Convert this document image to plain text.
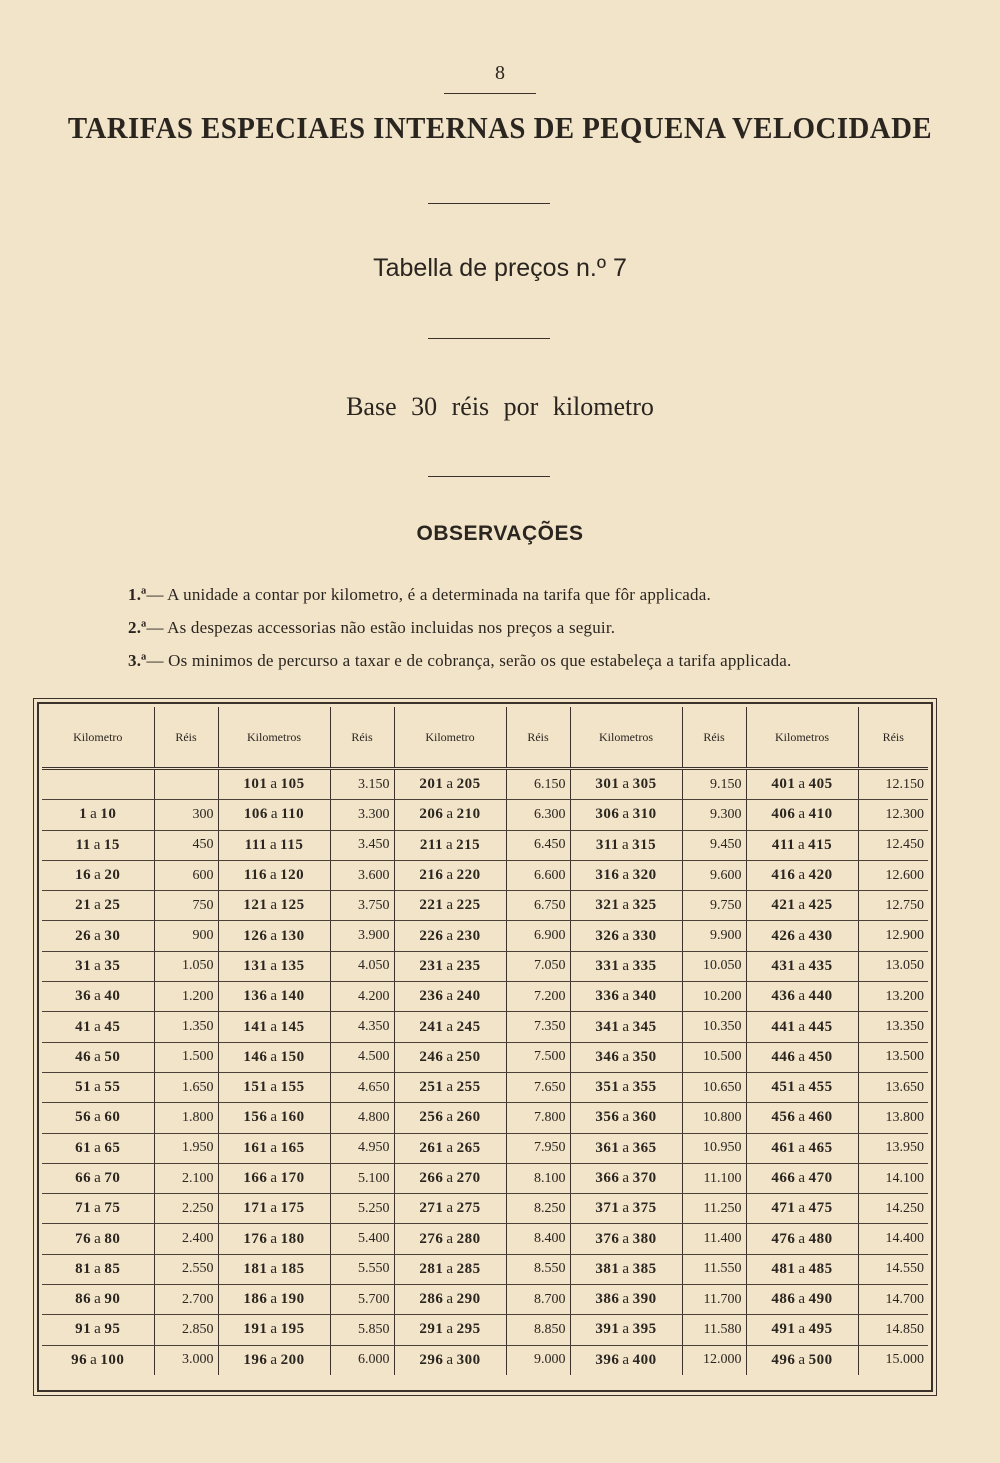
8
TARIFAS ESPECIAES INTERNAS DE PEQUENA VELOCIDADE
Tabella de preços n.º 7
Base 30 réis por kilometro
OBSERVAÇÕES
1.ª— A unidade a contar por kilometro, é a determinada na tarifa que fôr applicada.
2.ª— As despezas accessorias não estão incluidas nos preços a seguir.
3.ª— Os minimos de percurso a taxar e de cobrança, serão os que estabeleça a tarifa applicada.
Kilometro	Réis	Kilometros	Réis	Kilometro	Réis	Kilometros	Réis	Kilometros	Réis
		101 a 105	3.150	201 a 205	6.150	301 a 305	9.150	401 a 405	12.150
1 a 10	300	106 a 110	3.300	206 a 210	6.300	306 a 310	9.300	406 a 410	12.300
11 a 15	450	111 a 115	3.450	211 a 215	6.450	311 a 315	9.450	411 a 415	12.450
16 a 20	600	116 a 120	3.600	216 a 220	6.600	316 a 320	9.600	416 a 420	12.600
21 a 25	750	121 a 125	3.750	221 a 225	6.750	321 a 325	9.750	421 a 425	12.750
26 a 30	900	126 a 130	3.900	226 a 230	6.900	326 a 330	9.900	426 a 430	12.900
31 a 35	1.050	131 a 135	4.050	231 a 235	7.050	331 a 335	10.050	431 a 435	13.050
36 a 40	1.200	136 a 140	4.200	236 a 240	7.200	336 a 340	10.200	436 a 440	13.200
41 a 45	1.350	141 a 145	4.350	241 a 245	7.350	341 a 345	10.350	441 a 445	13.350
46 a 50	1.500	146 a 150	4.500	246 a 250	7.500	346 a 350	10.500	446 a 450	13.500
51 a 55	1.650	151 a 155	4.650	251 a 255	7.650	351 a 355	10.650	451 a 455	13.650
56 a 60	1.800	156 a 160	4.800	256 a 260	7.800	356 a 360	10.800	456 a 460	13.800
61 a 65	1.950	161 a 165	4.950	261 a 265	7.950	361 a 365	10.950	461 a 465	13.950
66 a 70	2.100	166 a 170	5.100	266 a 270	8.100	366 a 370	11.100	466 a 470	14.100
71 a 75	2.250	171 a 175	5.250	271 a 275	8.250	371 a 375	11.250	471 a 475	14.250
76 a 80	2.400	176 a 180	5.400	276 a 280	8.400	376 a 380	11.400	476 a 480	14.400
81 a 85	2.550	181 a 185	5.550	281 a 285	8.550	381 a 385	11.550	481 a 485	14.550
86 a 90	2.700	186 a 190	5.700	286 a 290	8.700	386 a 390	11.700	486 a 490	14.700
91 a 95	2.850	191 a 195	5.850	291 a 295	8.850	391 a 395	11.580	491 a 495	14.850
96 a 100	3.000	196 a 200	6.000	296 a 300	9.000	396 a 400	12.000	496 a 500	15.000
